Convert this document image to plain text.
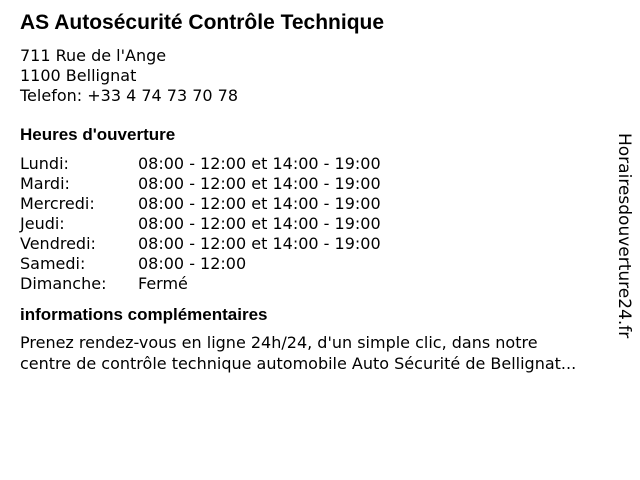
AS Autosécurité Contrôle Technique
711 Rue de l'Ange
1100 Bellignat
Telefon: +33 4 74 73 70 78
Heures d'ouverture
Lundi:	08:00 - 12:00 et 14:00 - 19:00
Mardi:	08:00 - 12:00 et 14:00 - 19:00
Mercredi:	08:00 - 12:00 et 14:00 - 19:00
Jeudi:	08:00 - 12:00 et 14:00 - 19:00
Vendredi:	08:00 - 12:00 et 14:00 - 19:00
Samedi:	08:00 - 12:00
Dimanche:	Fermé
informations complémentaires
Prenez rendez-vous en ligne 24h/24, d'un simple clic, dans notre
centre de contrôle technique automobile Auto Sécurité de Bellignat...
Horairesdouverture24.fr
